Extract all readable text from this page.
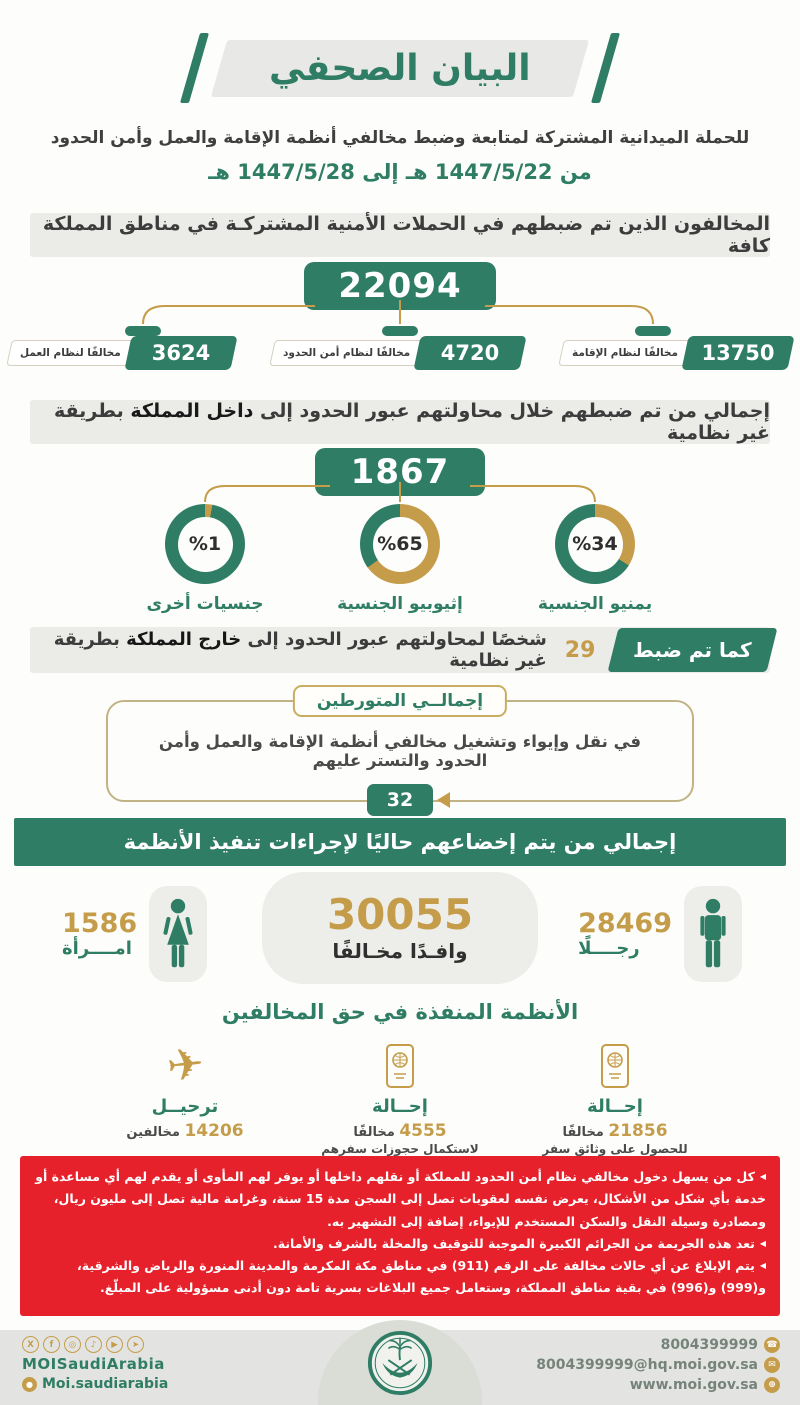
البيان الصحفي
للحملة الميدانية المشتركة لمتابعة وضبط مخالفي أنظمة الإقامة والعمل وأمن الحدود
من 1447/5/22 هـ إلى 1447/5/28 هـ
المخالفون الذين تم ضبطهم في الحملات الأمنية المشتركـة في مناطق المملكة كافة
22094
مخالفًا لنظام العمل	3624	مخالفًا لنظام أمن الحدود	4720	مخالفًا لنظام الإقامة	13750
إجمالي من تم ضبطهم خلال محاولتهم عبور الحدود إلى داخل المملكة بطريقة غير نظامية
1867
%1
جنسيات أخرى
%65
إثيوبيو الجنسية
%34
يمنيو الجنسية
كما تم ضبط
29
شخصًا لمحاولتهم عبور الحدود إلى خارج المملكة بطريقة غير نظامية
إجمالــي المتورطين
في نقل وإيواء وتشغيل مخالفي أنظمة الإقامة والعمل وأمن الحدود والتستر عليهم
32
إجمالي من يتم إخضاعهم حاليًا لإجراءات تنفيذ الأنظمة
30055
وافـدًا مخـالفًا
28469
رجــــلًا
1586
امــــرأة
الأنظمة المنفذة في حق المخالفين
✈
ترحيــل
14206 مخالفين
إحــالة
4555 مخالفًا
لاستكمال حجوزات سفرهم
إحــالة
21856 مخالفًا
للحصول على وثائق سفر
◀كل من يسهل دخول مخالفي نظام أمن الحدود للمملكة أو نقلهم داخلها أو يوفر لهم المأوى أو يقدم لهم أي مساعدة أو خدمة بأي شكل من الأشكال، يعرض نفسه لعقوبات تصل إلى السجن مدة 15 سنة، وغرامة مالية تصل إلى مليون ريال، ومصادرة وسيلة النقل والسكن المستخدم للإيواء، إضافة إلى التشهير به.
◀تعد هذه الجريمة من الجرائم الكبيرة الموجبة للتوقيف والمخلة بالشرف والأمانة.
◀يتم الإبلاغ عن أي حالات مخالفة على الرقم (911) في مناطق مكة المكرمة والمدينة المنورة والرياض والشرقية، و(999) و(996) في بقية مناطق المملكة، وستعامل جميع البلاغات بسرية تامة دون أدنى مسؤولية على المبلّغ.
X	f	◎	♪	▶	➤
MOISaudiArabia
● Moi.saudiarabia
8004399999 ☎
8004399999@hq.moi.gov.sa	✉
www.moi.gov.sa	⊕
